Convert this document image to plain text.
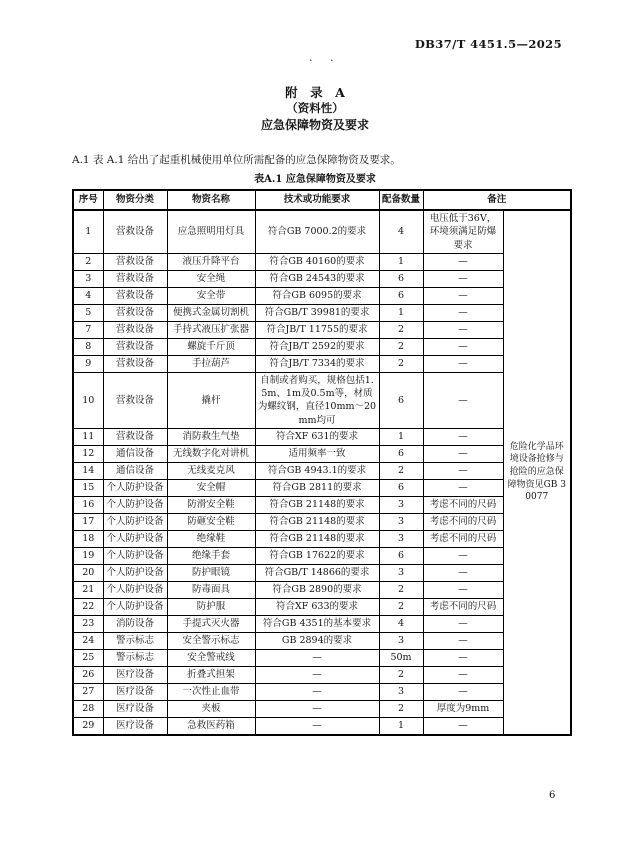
DB37/T 4451.5—2025
· ·
附　录　A
（资料性）
应急保障物资及要求

A.1 表 A.1 给出了起重机械使用单位所需配备的应急保障物资及要求。

表A.1 应急保障物资及要求
序号	物资分类	物资名称	技术或功能要求	配备数量	备注	
1	营救设备	应急照明用灯具	符合GB 7000.2的要求	4	电压低于36V，环境须满足防爆要求	危险化学品环境设备抢修与抢险的应急保障物资见GB 30077
2	营救设备	液压升降平台	符合GB 40160的要求	1	—	
3	营救设备	安全绳	符合GB 24543的要求	6	—	
4	营救设备	安全带	符合GB 6095的要求	6	—	
5	营救设备	便携式金属切割机	符合GB/T 39981的要求	1	—	
7	营救设备	手持式液压扩张器	符合JB/T 11755的要求	2	—	
8	营救设备	螺旋千斤顶	符合JB/T 2592的要求	2	—	
9	营救设备	手拉葫芦	符合JB/T 7334的要求	2	—	
10	营救设备	撬杆	自制或者购买，规格包括1.5m、1m及0.5m等，材质为螺纹钢，直径10mm～20mm均可	6	—	
11	营救设备	消防救生气垫	符合XF 631的要求	1	—	
12	通信设备	无线数字化对讲机	适用频率一致	6	—	
14	通信设备	无线麦克风	符合GB 4943.1的要求	2	—	
15	个人防护设备	安全帽	符合GB 2811的要求	6	—	
16	个人防护设备	防滑安全鞋	符合GB 21148的要求	3	考虑不同的尺码	
17	个人防护设备	防砸安全鞋	符合GB 21148的要求	3	考虑不同的尺码	
18	个人防护设备	绝缘鞋	符合GB 21148的要求	3	考虑不同的尺码	
19	个人防护设备	绝缘手套	符合GB 17622的要求	6	—	
20	个人防护设备	防护眼镜	符合GB/T 14866的要求	3	—	
21	个人防护设备	防毒面具	符合GB 2890的要求	2	—	
22	个人防护设备	防护服	符合XF 633的要求	2	考虑不同的尺码	
23	消防设备	手提式灭火器	符合GB 4351的基本要求	4	—	
24	警示标志	安全警示标志	GB 2894的要求	3	—	
25	警示标志	安全警戒线	—	50m	—	
26	医疗设备	折叠式担架	—	2	—	
27	医疗设备	一次性止血带	—	3	—	
28	医疗设备	夹板	—	2	厚度为9mm	
29	医疗设备	急救医药箱	—	1	—	
6
